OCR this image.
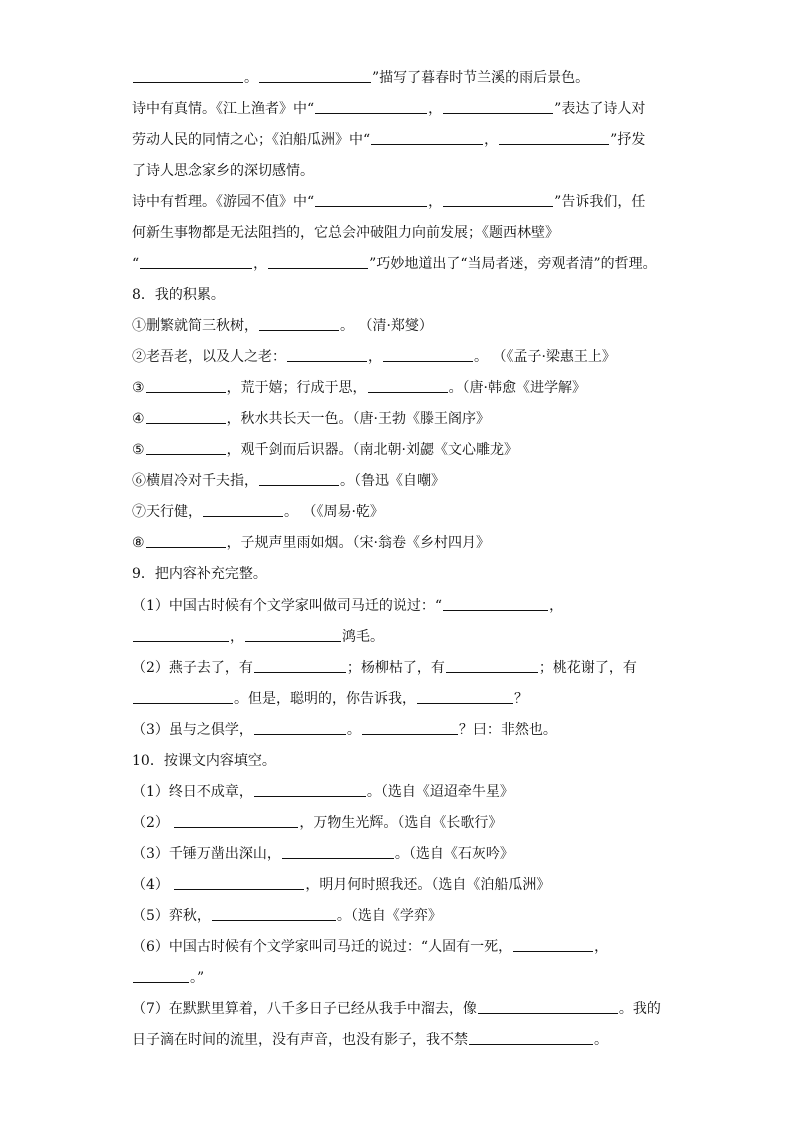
。	”描写了暮春时节兰溪的雨后景色。
诗中有真情。《江上渔者》中“	，	”表达了诗人对
劳动人民的同情之心；《泊船瓜洲》中“	，	”抒发
了诗人思念家乡的深切感情。
诗中有哲理。《游园不值》中“	，	”告诉我们，任
何新生事物都是无法阻挡的，它总会冲破阻力向前发展；《题西林壁》
“	，	”巧妙地道出了“当局者迷，旁观者清”的哲理。
8．我的积累。
①删繁就简三秋树，	。 （清·郑燮）
②老吾老，以及人之老：	，	。 （《孟子·梁惠王上》
③	，荒于嬉；行成于思，	。（唐·韩愈《进学解》
④	，秋水共长天一色。（唐·王勃《滕王阁序》
⑤	，观千剑而后识器。（南北朝·刘勰《文心雕龙》
⑥横眉冷对千夫指，	。（鲁迅《自嘲》
⑦天行健，	。 （《周易·乾》
⑧	，子规声里雨如烟。（宋·翁卷《乡村四月》
9．把内容补充完整。
（1）中国古时候有个文学家叫做司马迁的说过：“	，
，	鸿毛。
（2）燕子去了，有	；杨柳枯了，有	；桃花谢了，有
。但是，聪明的，你告诉我，	？
（3）虽与之俱学，	。	？曰：非然也。
10．按课文内容填空。
（1）终日不成章，	。（选自《迢迢牵牛星》
（2）	，万物生光辉。（选自《长歌行》
（3）千锤万凿出深山，	。（选自《石灰吟》
（4）	，明月何时照我还。（选自《泊船瓜洲》
（5）弈秋，	。（选自《学弈》
（6）中国古时候有个文学家叫司马迁的说过：“人固有一死，	，
。”
（7）在默默里算着，八千多日子已经从我手中溜去，像	。我的
日子滴在时间的流里，没有声音，也没有影子，我不禁	。
